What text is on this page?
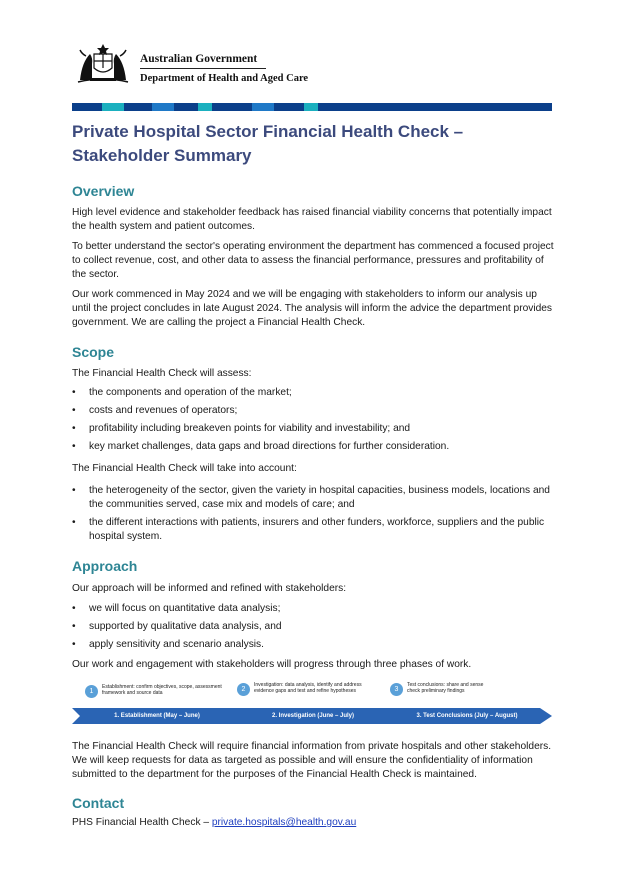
Australian Government
Department of Health and Aged Care
Private Hospital Sector Financial Health Check – Stakeholder Summary
Overview

High level evidence and stakeholder feedback has raised financial viability concerns that potentially impact the health system and patient outcomes.

To better understand the sector's operating environment the department has commenced a focused project to collect revenue, cost, and other data to assess the financial performance, pressures and profitability of the sector.

Our work commenced in May 2024 and we will be engaging with stakeholders to inform our analysis up until the project concludes in late August 2024. The analysis will inform the advice the department provides government. We are calling the project a Financial Health Check.

Scope

The Financial Health Check will assess:

• the components and operation of the market;
• costs and revenues of operators;
• profitability including breakeven points for viability and investability; and
• key market challenges, data gaps and broad directions for further consideration.

The Financial Health Check will take into account:

• the heterogeneity of the sector, given the variety in hospital capacities, business models, locations and the communities served, case mix and models of care; and
• the different interactions with patients, insurers and other funders, workforce, suppliers and the public hospital system.
Approach

Our approach will be informed and refined with stakeholders:

• we will focus on quantitative data analysis;
• supported by qualitative data analysis, and
• apply sensitivity and scenario analysis.

Our work and engagement with stakeholders will progress through three phases of work.

1
Establishment: confirm objectives, scope, assessment framework and source data	2
Investigation: data analysis, identify and address evidence gaps and test and refine hypotheses	3
Test conclusions: share and sense check preliminary findings
1. Establishment (May – June)	2. Investigation (June – July)	3. Test Conclusions (July – August)

The Financial Health Check will require financial information from private hospitals and other stakeholders. We will keep requests for data as targeted as possible and will ensure the confidentiality of information submitted to the department for the purposes of the Financial Health Check is maintained.

Contact
PHS Financial Health Check – private.hospitals@health.gov.au
